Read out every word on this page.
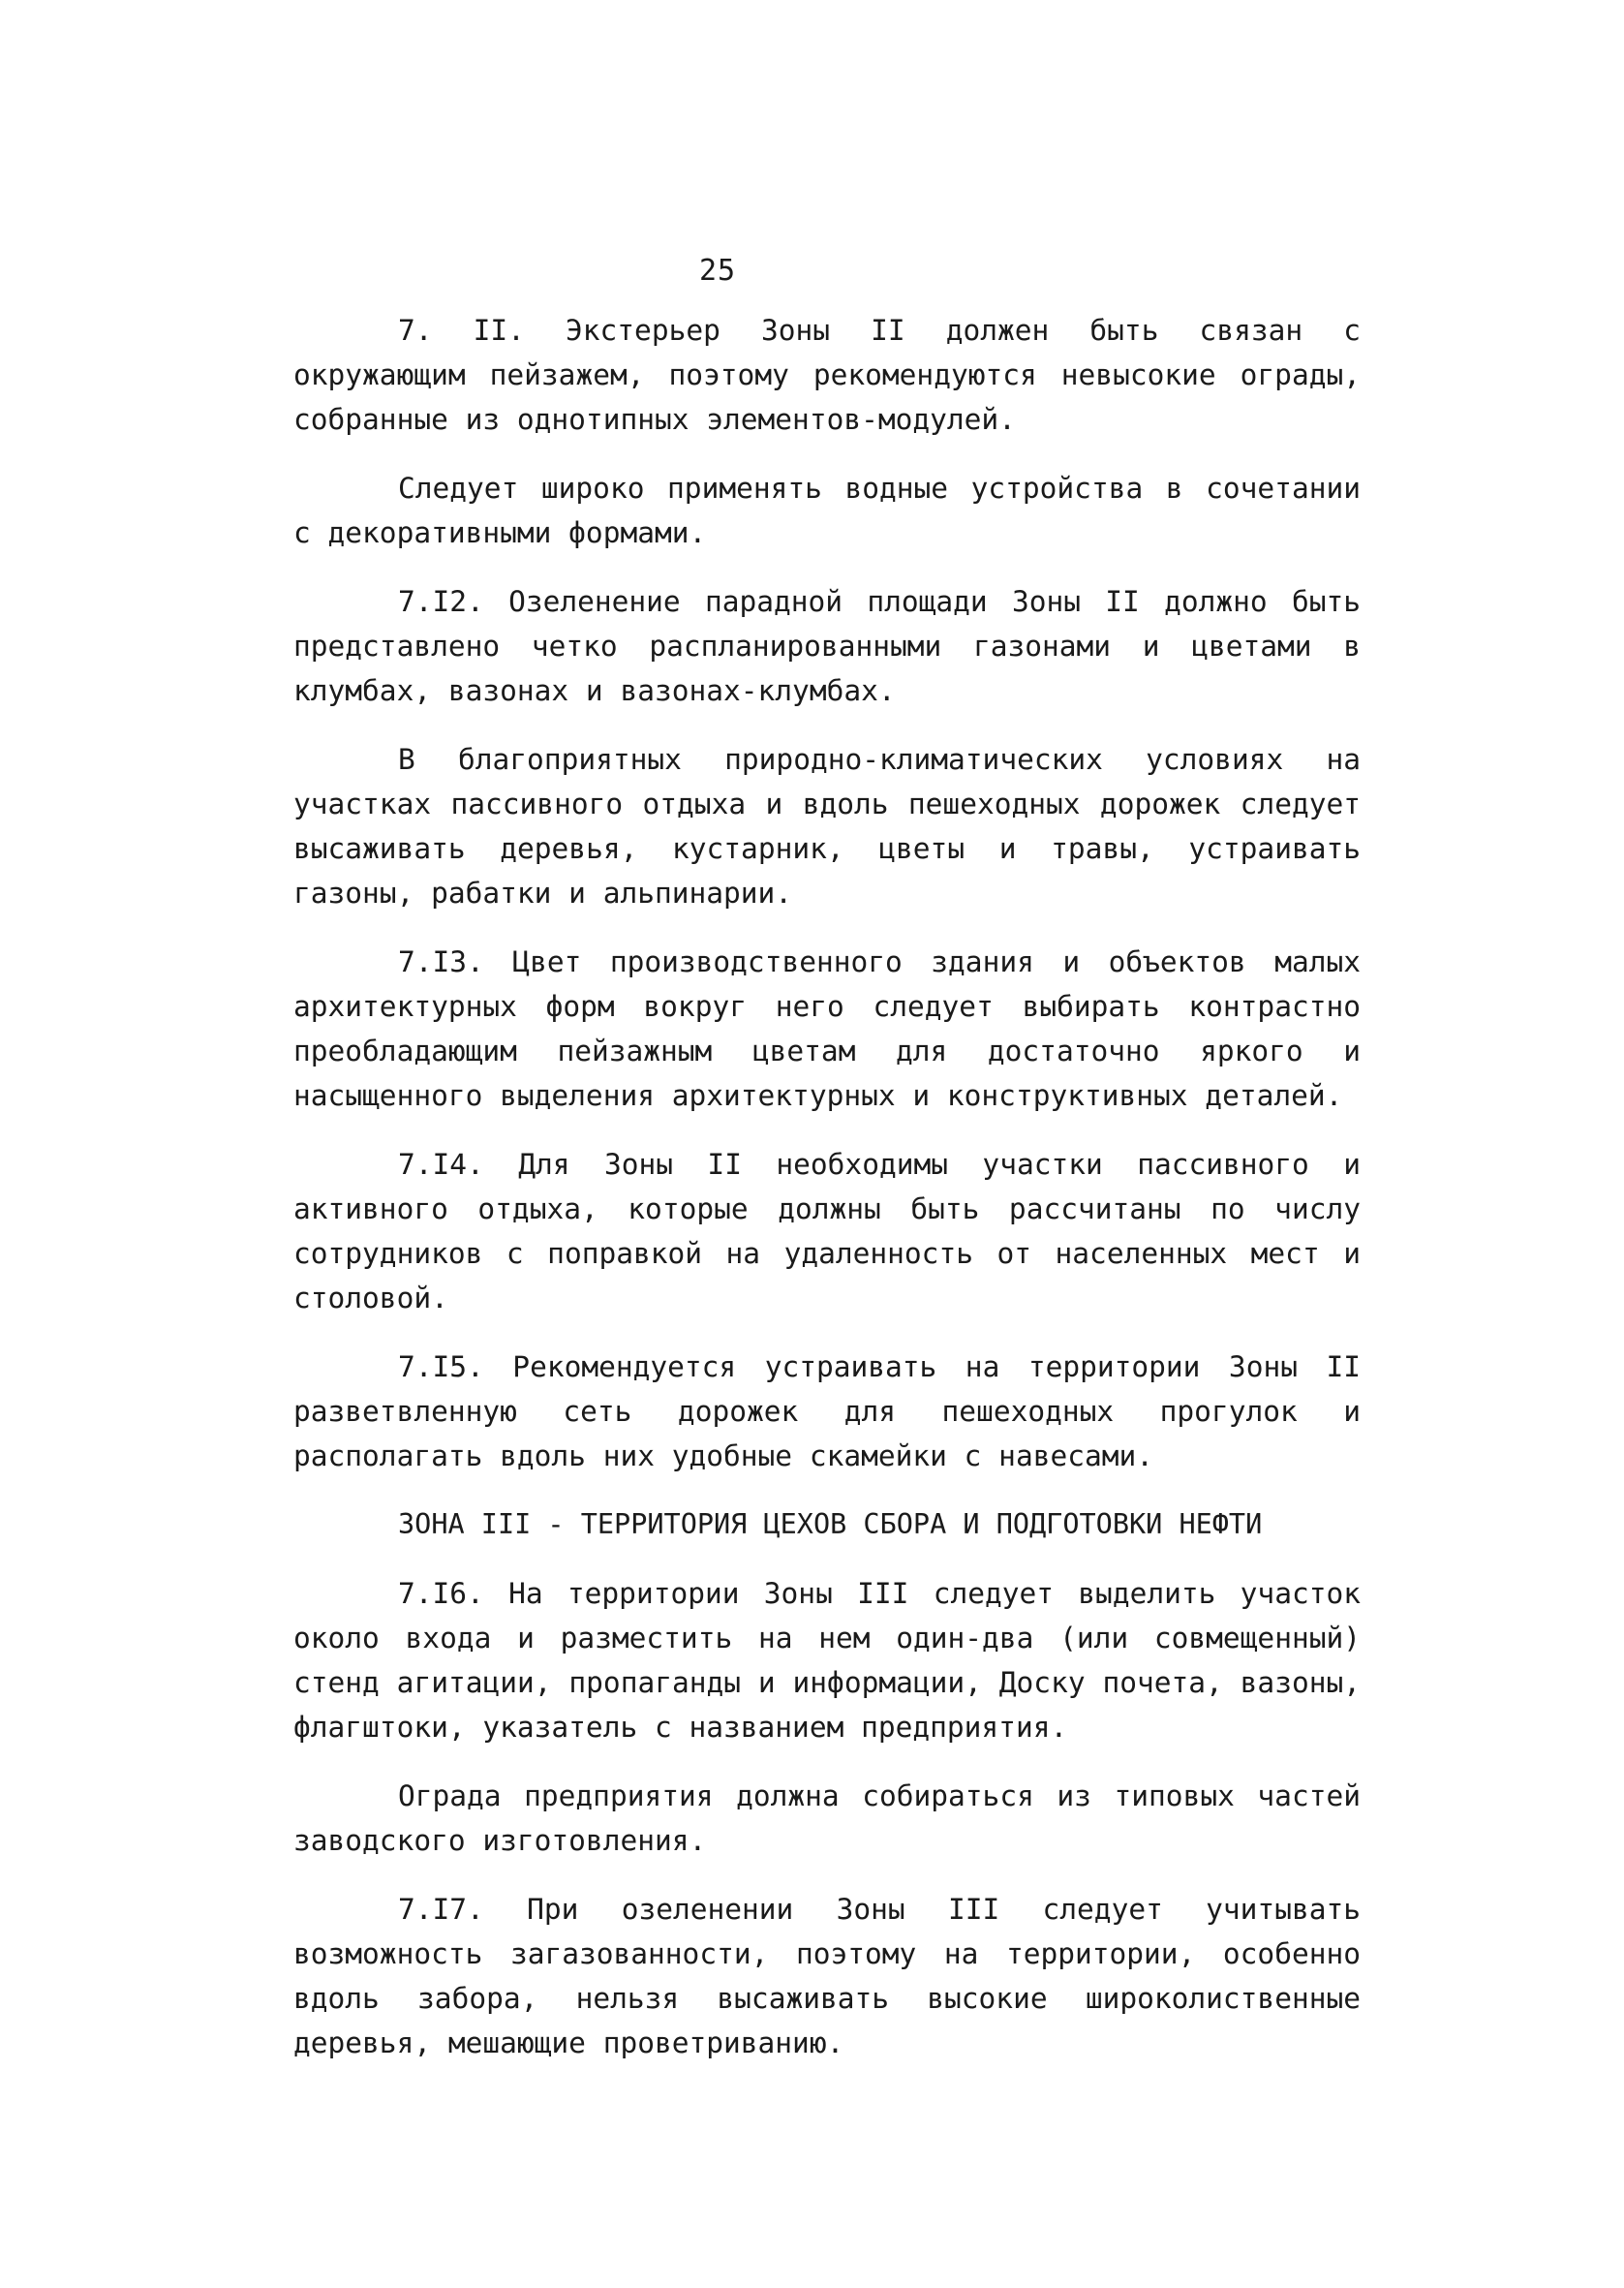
25

7. II. Экстерьер Зоны II должен быть связан с окружающим пейзажем, поэтому рекомендуются невысокие ограды, собранные из однотипных элементов-модулей.

Следует широко применять водные устройства в сочетании с декоративными формами.

7.I2. Озеленение парадной площади Зоны II должно быть представлено четко распланированными газонами и цветами в клумбах, вазонах и вазонах-клумбах.

В благоприятных природно-климатических условиях на участках пассивного отдыха и вдоль пешеходных дорожек следует высаживать деревья, кустарник, цветы и травы, устраивать газоны, рабатки и альпинарии.

7.I3. Цвет производственного здания и объектов малых архитектурных форм вокруг него следует выбирать контрастно преобладающим пейзажным цветам для достаточно яркого и насыщенного выделения архитектурных и конструктивных деталей.

7.I4. Для Зоны II необходимы участки пассивного и активного отдыха, которые должны быть рассчитаны по числу сотрудников с поправкой на удаленность от населенных мест и столовой.

7.I5. Рекомендуется устраивать на территории Зоны II разветвленную сеть дорожек для пешеходных прогулок и располагать вдоль них удобные скамейки с навесами.

ЗОНА III - ТЕРРИТОРИЯ ЦЕХОВ СБОРА И ПОДГОТОВКИ НЕФТИ

7.I6. На территории Зоны III следует выделить участок около входа и разместить на нем один-два (или совмещенный) стенд агитации, пропаганды и информации, Доску почета, вазоны, флагштоки, указатель с названием предприятия.

Ограда предприятия должна собираться из типовых частей заводского изготовления.

7.I7. При озеленении Зоны III следует учитывать возможность загазованности, поэтому на территории, особенно вдоль забора, нельзя высаживать высокие широколиственные деревья, мешающие проветриванию.
